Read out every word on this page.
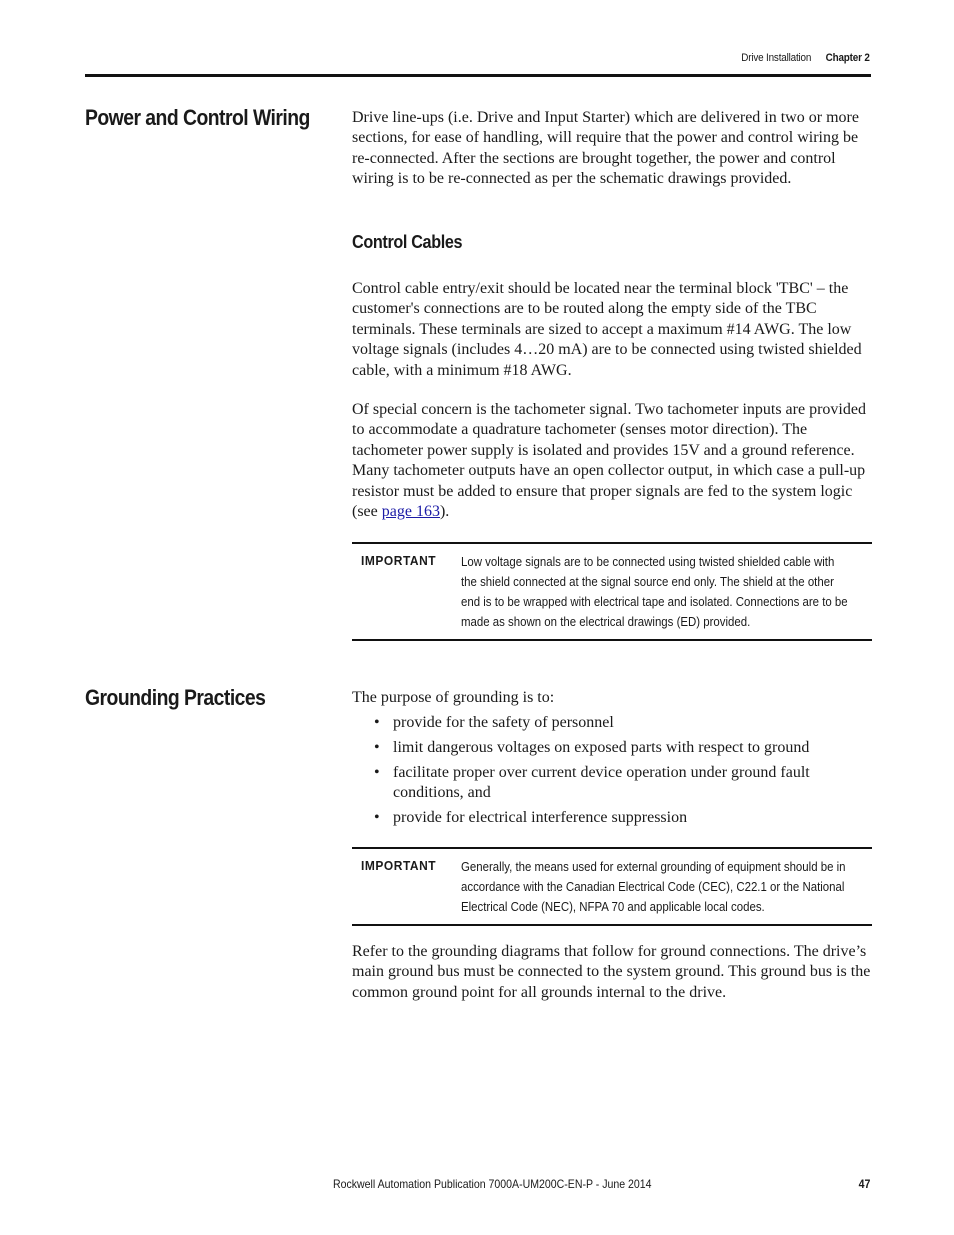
Drive Installation Chapter 2
Power and Control Wiring	Drive line-ups (i.e. Drive and Input Starter) which are delivered in two or more sections, for ease of handling, will require that the power and control wiring be re-connected. After the sections are brought together, the power and control wiring is to be re-connected as per the schematic drawings provided.

Control Cables

Control cable entry/exit should be located near the terminal block 'TBC' – the customer's connections are to be routed along the empty side of the TBC terminals. These terminals are sized to accept a maximum #14 AWG. The low voltage signals (includes 4…20 mA) are to be connected using twisted shielded cable, with a minimum #18 AWG.

Of special concern is the tachometer signal. Two tachometer inputs are provided to accommodate a quadrature tachometer (senses motor direction). The tachometer power supply is isolated and provides 15V and a ground reference. Many tachometer outputs have an open collector output, in which case a pull-up resistor must be added to ensure that proper signals are fed to the system logic (see page 163).

IMPORTANT Low voltage signals are to be connected using twisted shielded cable with the shield connected at the signal source end only. The shield at the other end is to be wrapped with electrical tape and isolated. Connections are to be made as shown on the electrical drawings (ED) provided.

Grounding Practices	The purpose of grounding is to:

• provide for the safety of personnel
• limit dangerous voltages on exposed parts with respect to ground
• facilitate proper over current device operation under ground fault conditions, and
• provide for electrical interference suppression
IMPORTANT Generally, the means used for external grounding of equipment should be in accordance with the Canadian Electrical Code (CEC), C22.1 or the National Electrical Code (NEC), NFPA 70 and applicable local codes.

Refer to the grounding diagrams that follow for ground connections. The drive’s main ground bus must be connected to the system ground. This ground bus is the common ground point for all grounds internal to the drive.

Rockwell Automation Publication 7000A-UM200C-EN-P - June 2014	47
